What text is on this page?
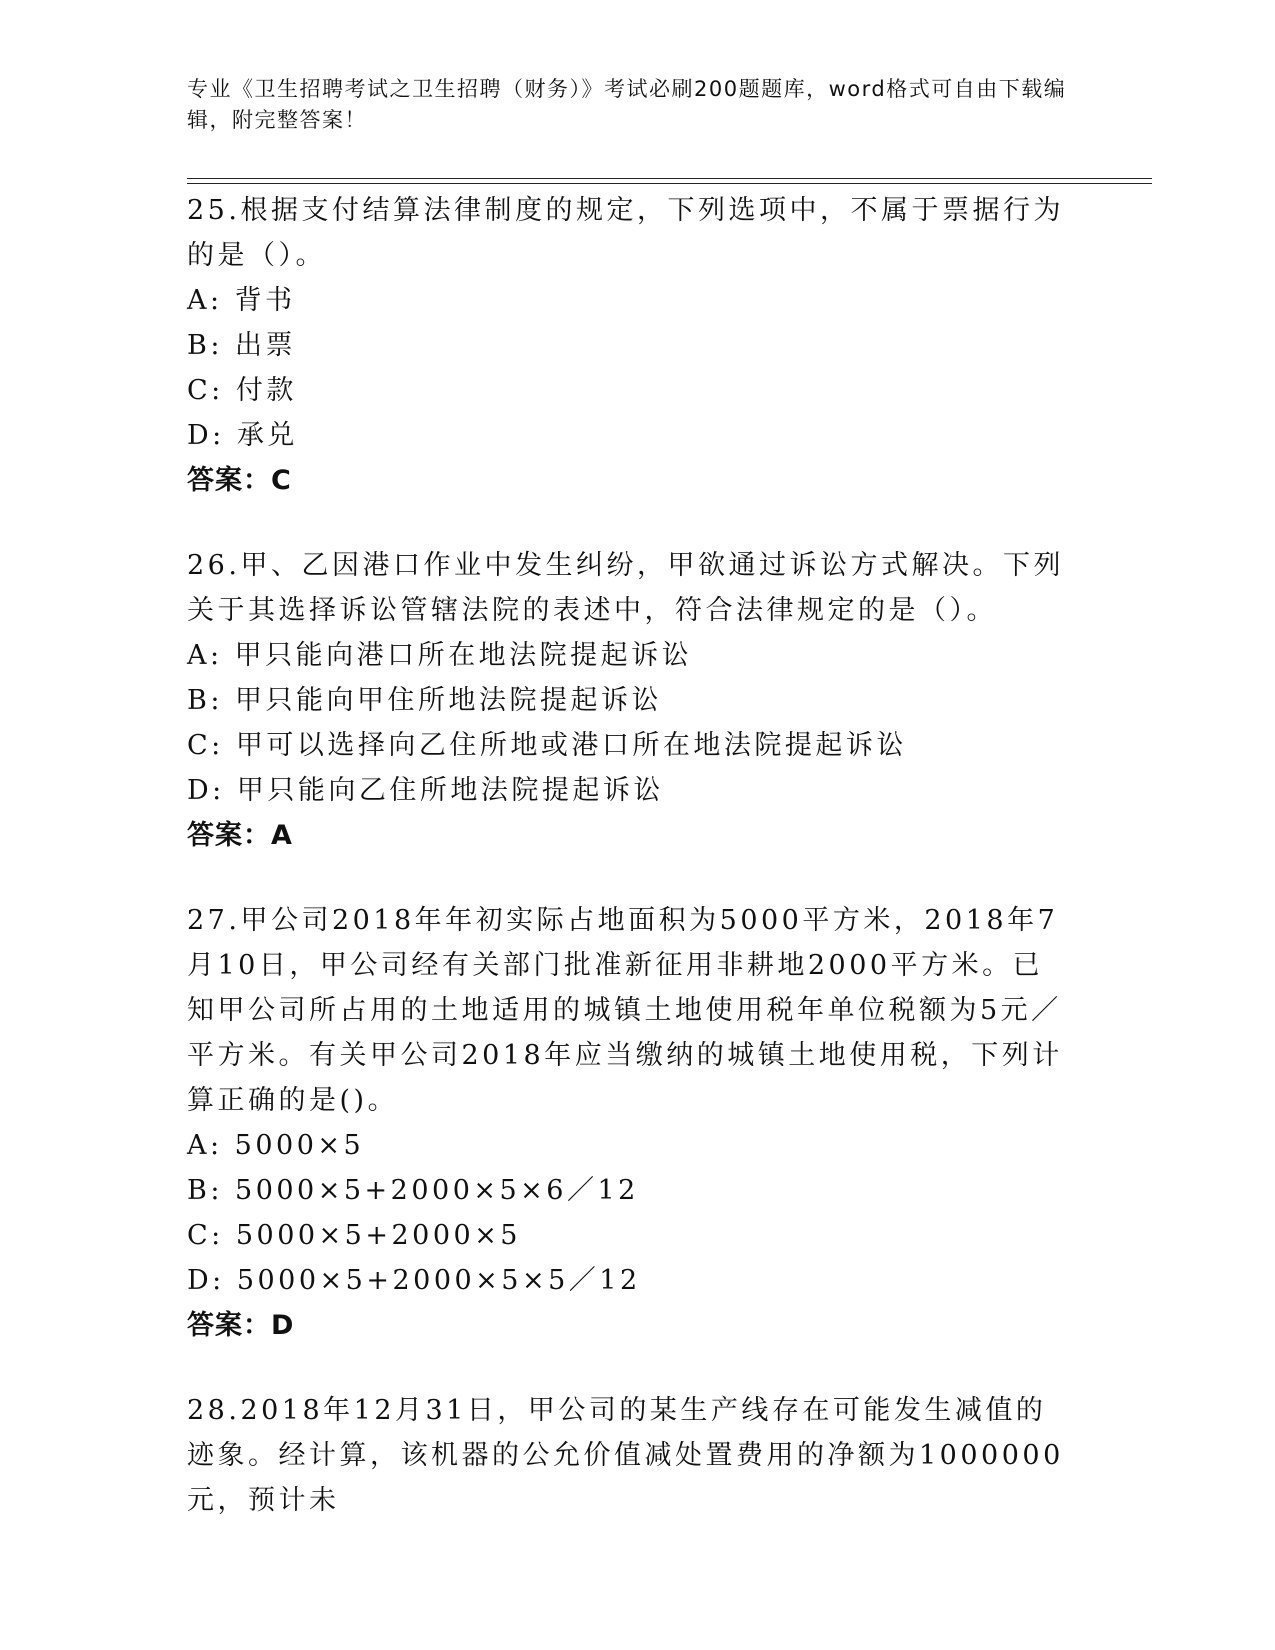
专业《卫生招聘考试之卫生招聘（财务）》考试必刷200题题库，word格式可自由下载编辑，附完整答案！

25.根据支付结算法律制度的规定，下列选项中，不属于票据行为的是（）。

A: 背书

B: 出票

C: 付款

D: 承兑

答案：C

26.甲、乙因港口作业中发生纠纷，甲欲通过诉讼方式解决。下列关于其选择诉讼管辖法院的表述中，符合法律规定的是（）。

A: 甲只能向港口所在地法院提起诉讼

B: 甲只能向甲住所地法院提起诉讼

C: 甲可以选择向乙住所地或港口所在地法院提起诉讼

D: 甲只能向乙住所地法院提起诉讼

答案：A

27.甲公司2018年年初实际占地面积为5000平方米，2018年7月10日，甲公司经有关部门批准新征用非耕地2000平方米。已知甲公司所占用的土地适用的城镇土地使用税年单位税额为5元／平方米。有关甲公司2018年应当缴纳的城镇土地使用税，下列计算正确的是()。

A: 5000×5

B: 5000×5+2000×5×6／12

C: 5000×5+2000×5

D: 5000×5+2000×5×5／12

答案：D

28.2018年12月31日，甲公司的某生产线存在可能发生减值的迹象。经计算，该机器的公允价值减处置费用的净额为1000000元，预计未
